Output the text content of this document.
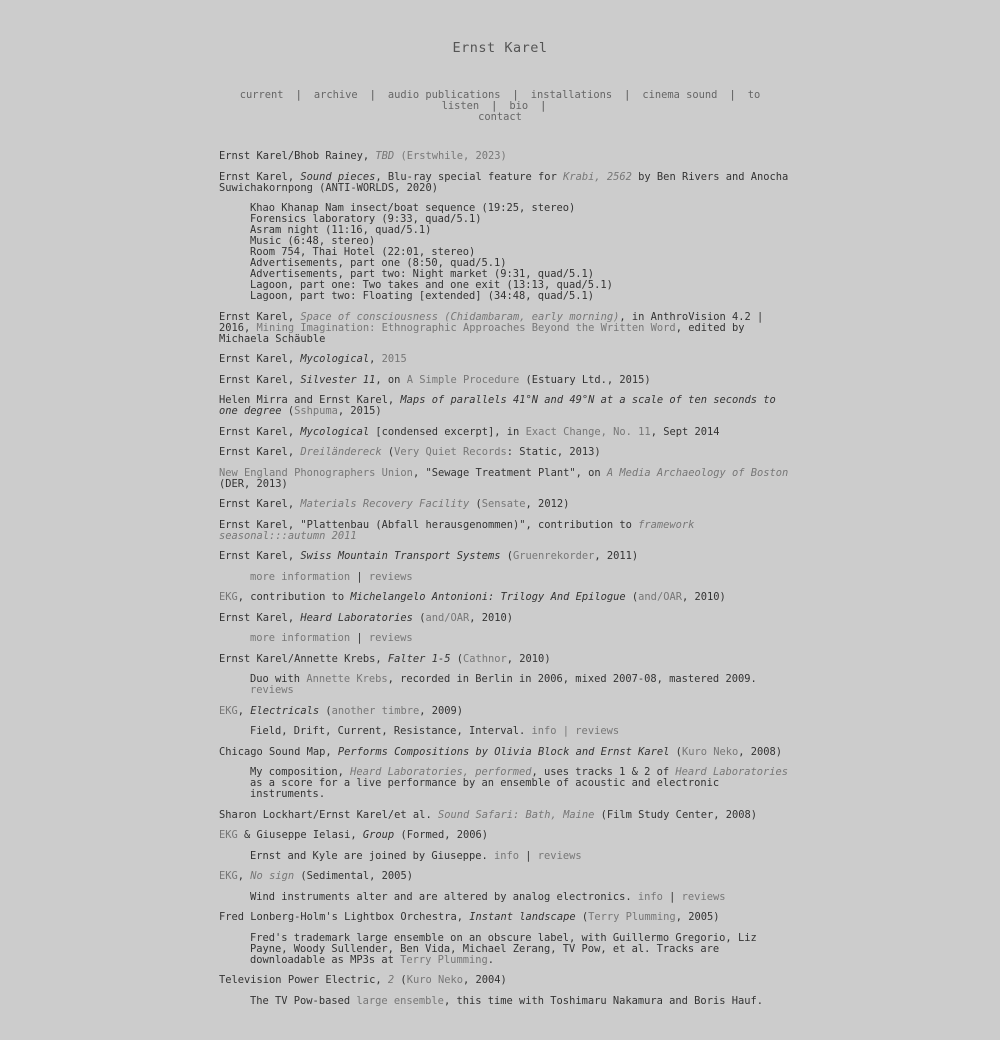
Ernst Karel
current | archive | audio publications | installations | cinema sound | to listen | bio |
contact
Ernst Karel/Bhob Rainey, TBD (Erstwhile, 2023)
Ernst Karel, Sound pieces, Blu-ray special feature for Krabi, 2562 by Ben Rivers and Anocha Suwichakornpong (ANTI-WORLDS, 2020)
Khao Khanap Nam insect/boat sequence (19:25, stereo)
Forensics laboratory (9:33, quad/5.1)
Asram night (11:16, quad/5.1)
Music (6:48, stereo)
Room 754, Thai Hotel (22:01, stereo)
Advertisements, part one (8:50, quad/5.1)
Advertisements, part two: Night market (9:31, quad/5.1)
Lagoon, part one: Two takes and one exit (13:13, quad/5.1)
Lagoon, part two: Floating [extended] (34:48, quad/5.1)
Ernst Karel, Space of consciousness (Chidambaram, early morning), in AnthroVision 4.2 | 2016, Mining Imagination: Ethnographic Approaches Beyond the Written Word, edited by Michaela Schäuble
Ernst Karel, Mycological, 2015
Ernst Karel, Silvester 11, on A Simple Procedure (Estuary Ltd., 2015)
Helen Mirra and Ernst Karel, Maps of parallels 41°N and 49°N at a scale of ten seconds to one degree (Sshpuma, 2015)
Ernst Karel, Mycological [condensed excerpt], in Exact Change, No. 11, Sept 2014
Ernst Karel, Dreiländereck (Very Quiet Records: Static, 2013)
New England Phonographers Union, "Sewage Treatment Plant", on A Media Archaeology of Boston (DER, 2013)
Ernst Karel, Materials Recovery Facility (Sensate, 2012)
Ernst Karel, "Plattenbau (Abfall herausgenommen)", contribution to framework seasonal:::autumn 2011
Ernst Karel, Swiss Mountain Transport Systems (Gruenrekorder, 2011)
more information | reviews
EKG, contribution to Michelangelo Antonioni: Trilogy And Epilogue (and/OAR, 2010)
Ernst Karel, Heard Laboratories (and/OAR, 2010)
more information | reviews
Ernst Karel/Annette Krebs, Falter 1-5 (Cathnor, 2010)
Duo with Annette Krebs, recorded in Berlin in 2006, mixed 2007-08, mastered 2009.
reviews
EKG, Electricals (another timbre, 2009)
Field, Drift, Current, Resistance, Interval. info | reviews
Chicago Sound Map, Performs Compositions by Olivia Block and Ernst Karel (Kuro Neko, 2008)
My composition, Heard Laboratories, performed, uses tracks 1 & 2 of Heard Laboratories as a score for a live performance by an ensemble of acoustic and electronic instruments.
Sharon Lockhart/Ernst Karel/et al. Sound Safari: Bath, Maine (Film Study Center, 2008)
EKG & Giuseppe Ielasi, Group (Formed, 2006)
Ernst and Kyle are joined by Giuseppe. info | reviews
EKG, No sign (Sedimental, 2005)
Wind instruments alter and are altered by analog electronics. info | reviews
Fred Lonberg-Holm's Lightbox Orchestra, Instant landscape (Terry Plumming, 2005)
Fred's trademark large ensemble on an obscure label, with Guillermo Gregorio, Liz Payne, Woody Sullender, Ben Vida, Michael Zerang, TV Pow, et al. Tracks are downloadable as MP3s at Terry Plumming.
Television Power Electric, 2 (Kuro Neko, 2004)
The TV Pow-based large ensemble, this time with Toshimaru Nakamura and Boris Hauf.
